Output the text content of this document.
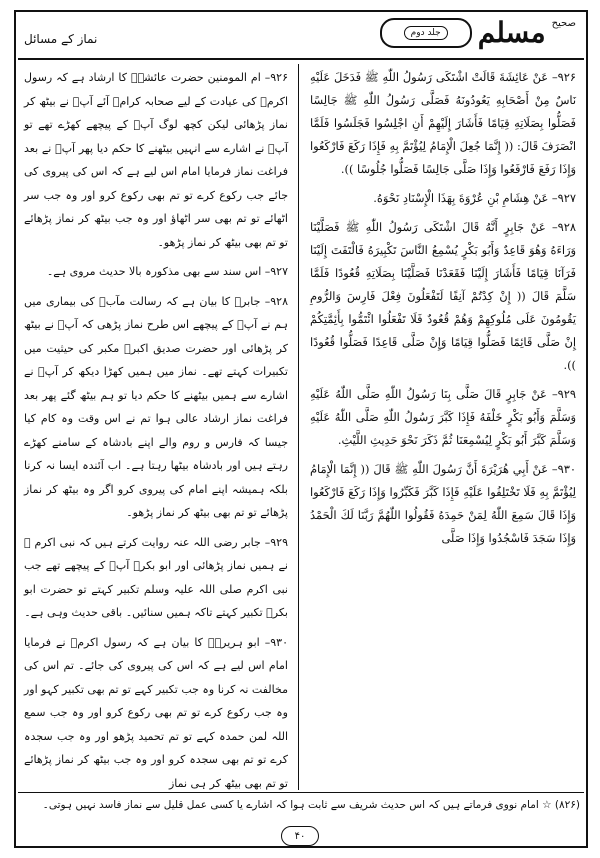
نماز کے مسائل
صحیح
مسلم
جلد دوم

۹۲۶– عَنْ عَائِشَةَ قَالَتْ اشْتَكَى رَسُولُ اللّٰهِ ﷺ فَدَخَلَ عَلَيْهِ نَاسٌ مِنْ أَصْحَابِهِ يَعُودُونَهُ فَصَلَّى رَسُولُ اللّٰهِ ﷺ جَالِسًا فَصَلُّوا بِصَلَاتِهِ قِيَامًا فَأَشَارَ إِلَيْهِمْ أَنِ اجْلِسُوا فَجَلَسُوا فَلَمَّا انْصَرَفَ قَالَ: (( إِنَّمَا جُعِلَ الْإِمَامُ لِيُؤْتَمَّ بِهِ فَإِذَا رَكَعَ فَارْكَعُوا وَإِذَا رَفَعَ فَارْفَعُوا وَإِذَا صَلَّى جَالِسًا فَصَلُّوا جُلُوسًا )).

۹۲۷– عَنْ هِشَامِ بْنِ عُرْوَةَ بِهَذَا الْإِسْنَادِ نَحْوَهُ.

۹۲۸– عَنْ جَابِرٍ أَنَّهُ قَالَ اشْتَكَى رَسُولُ اللّٰهِ ﷺ فَصَلَّيْنَا وَرَاءَهُ وَهُوَ قَاعِدٌ وَأَبُو بَكْرٍ يُسْمِعُ النَّاسَ تَكْبِيرَهُ فَالْتَفَتَ إِلَيْنَا فَرَآنَا قِيَامًا فَأَشَارَ إِلَيْنَا فَقَعَدْنَا فَصَلَّيْنَا بِصَلَاتِهِ قُعُودًا فَلَمَّا سَلَّمَ قَالَ (( إِنْ كِدْتُمْ آنِفًا لَتَفْعَلُونَ فِعْلَ فَارِسَ وَالرُّومِ يَقُومُونَ عَلَى مُلُوكِهِمْ وَهُمْ قُعُودٌ فَلَا تَفْعَلُوا ائْتَمُّوا بِأَئِمَّتِكُمْ إِنْ صَلَّى قَائِمًا فَصَلُّوا قِيَامًا وَإِنْ صَلَّى قَاعِدًا فَصَلُّوا قُعُودًا )).

۹۲۹– عَنْ جَابِرٍ قَالَ صَلَّى بِنَا رَسُولُ اللّٰهِ صَلَّى اللّٰهُ عَلَيْهِ وَسَلَّمَ وَأَبُو بَكْرٍ خَلْفَهُ فَإِذَا كَبَّرَ رَسُولُ اللّٰهِ صَلَّى اللّٰهُ عَلَيْهِ وَسَلَّمَ كَبَّرَ أَبُو بَكْرٍ لِيُسْمِعَنَا ثُمَّ ذَكَرَ نَحْوَ حَدِيثِ اللَّيْثِ.

۹۳۰– عَنْ أَبِي هُرَيْرَةَ أَنَّ رَسُولَ اللّٰهِ ﷺ قَالَ (( إِنَّمَا الْإِمَامُ لِيُؤْتَمَّ بِهِ فَلَا تَخْتَلِفُوا عَلَيْهِ فَإِذَا كَبَّرَ فَكَبِّرُوا وَإِذَا رَكَعَ فَارْكَعُوا وَإِذَا قَالَ سَمِعَ اللّٰهُ لِمَنْ حَمِدَهُ فَقُولُوا اللّٰهُمَّ رَبَّنَا لَكَ الْحَمْدُ وَإِذَا سَجَدَ فَاسْجُدُوا وَإِذَا صَلَّى

۹۲۶– ام المومنین حضرت عائشہؓ کا ارشاد ہے کہ رسول اکرمؐ کی عیادت کے لیے صحابہ کرامؓ آئے آپؐ نے بیٹھ کر نماز پڑھائی لیکن کچھ لوگ آپؐ کے پیچھے کھڑے تھے تو آپؐ نے اشارے سے انہیں بیٹھنے کا حکم دیا پھر آپؐ نے بعد فراغت نماز فرمایا امام اس لیے ہے کہ اس کی پیروی کی جائے جب رکوع کرے تو تم بھی رکوع کرو اور وہ جب سر اٹھائے تو تم بھی سر اٹھاؤ اور وہ جب بیٹھ کر نماز پڑھائے تو تم بھی بیٹھ کر نماز پڑھو۔

۹۲۷– اس سند سے بھی مذکورہ بالا حدیث مروی ہے۔

۹۲۸– جابرؓ کا بیان ہے کہ رسالت مآبؐ کی بیماری میں ہم نے آپؐ کے پیچھے اس طرح نماز پڑھی کہ آپؐ نے بیٹھ کر پڑھائی اور حضرت صدیق اکبرؓ مکبر کی حیثیت میں تکبیرات کہتے تھے۔ نماز میں ہمیں کھڑا دیکھ کر آپؐ نے اشارے سے ہمیں بیٹھنے کا حکم دیا تو ہم بیٹھ گئے پھر بعد فراغت نماز ارشاد عالی ہوا تم نے اس وقت وہ کام کیا جیسا کہ فارس و روم والے اپنے بادشاہ کے سامنے کھڑے رہتے ہیں اور بادشاہ بیٹھا رہتا ہے۔ اب آئندہ ایسا نہ کرنا بلکہ ہمیشہ اپنے امام کی پیروی کرو اگر وہ بیٹھ کر نماز پڑھائے تو تم بھی بیٹھ کر نماز پڑھو۔

۹۲۹– جابر رضی اللہ عنہ روایت کرتے ہیں کہ نبی اکرم ﷺ نے ہمیں نماز پڑھائی اور ابو بکرؓ آپؐ کے پیچھے تھے جب نبی اکرم صلی اللہ علیہ وسلم تکبیر کہتے تو حضرت ابو بکرؓ تکبیر کہتے تاکہ ہمیں سنائیں۔ باقی حدیث وہی ہے۔

۹۳۰– ابو ہریرہؓ کا بیان ہے کہ رسول اکرمؐ نے فرمایا امام اس لیے ہے کہ اس کی پیروی کی جائے۔ تم اس کی مخالفت نہ کرنا وہ جب تکبیر کہے تو تم بھی تکبیر کہو اور وہ جب رکوع کرے تو تم بھی رکوع کرو اور وہ جب سمع اللہ لمن حمدہ کہے تو تم تحمید پڑھو اور وہ جب سجدہ کرے تو تم بھی سجدہ کرو اور وہ جب بیٹھ کر نماز پڑھائے تو تم بھی بیٹھ کر ہی نماز

(۸۲۶) ☆ امام نووی فرماتے ہیں کہ اس حدیث شریف سے ثابت ہوا کہ اشارے یا کسی عمل قلیل سے نماز فاسد نہیں ہوتی۔
۴۰
